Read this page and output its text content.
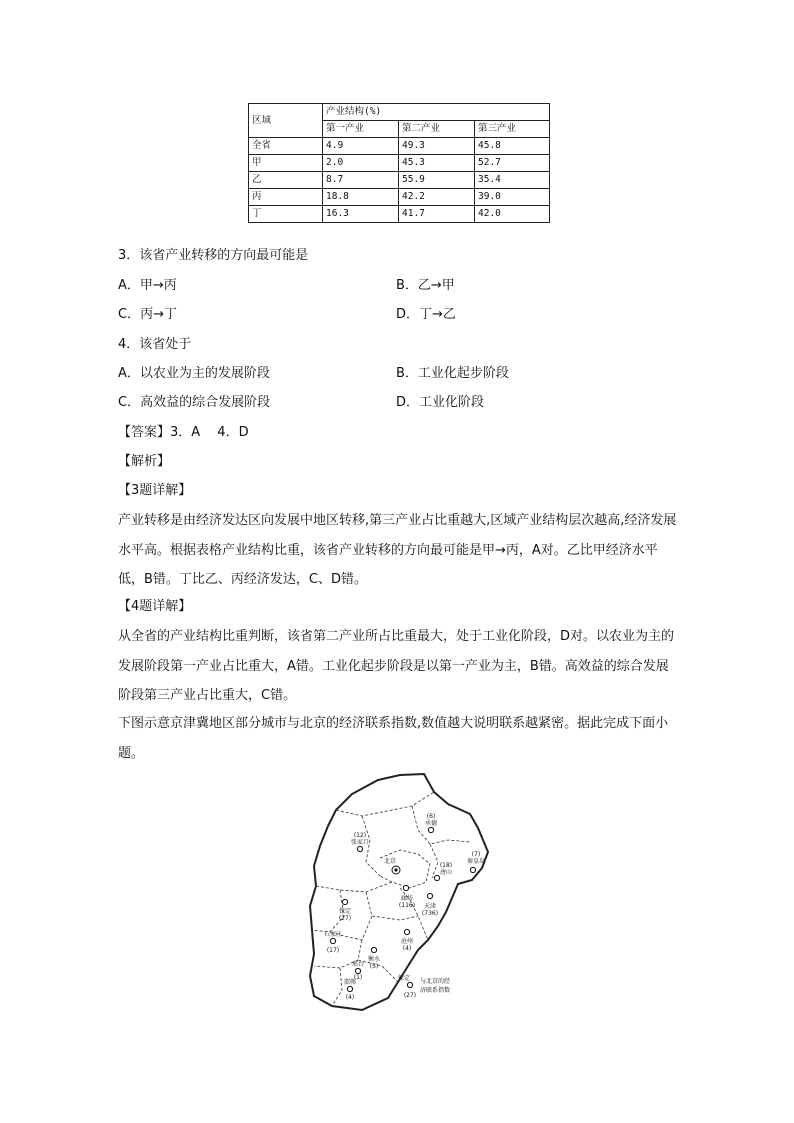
区域	产业结构(%)		
	第一产业	第二产业	第三产业
全省	4.9	49.3	45.8
甲	2.0	45.3	52.7
乙	8.7	55.9	35.4
丙	18.8	42.2	39.0
丁	16.3	41.7	42.0
3．该省产业转移的方向最可能是
A．甲→丙	B．乙→甲
C．丙→丁	D．丁→乙
4．该省处于
A．以农业为主的发展阶段	B．工业化起步阶段
C．高效益的综合发展阶段	D．工业化阶段
【答案】3．A　 4．D
【解析】
【3题详解】
产业转移是由经济发达区向发展中地区转移,第三产业占比重越大,区域产业结构层次越高,经济发展水平高。根据表格产业结构比重，该省产业转移的方向最可能是甲→丙，A对。乙比甲经济水平低，B错。丁比乙、丙经济发达，C、D错。
【4题详解】
从全省的产业结构比重判断，该省第二产业所占比重最大，处于工业化阶段，D对。以农业为主的发展阶段第一产业占比重大，A错。工业化起步阶段是以第一产业为主，B错。高效益的综合发展阶段第三产业占比重大，C错。
下图示意京津冀地区部分城市与北京的经济联系指数,数值越大说明联系越紧密。据此完成下面小题。
(6)
承德
(12)
张家口
北京
(7)
秦皇岛
(18)
唐山
廊坊
(116) 天津
(736)
保定
(27)
沧州
(4)
石家庄
(17)
衡水
(5)
邢台
(1)
邯郸
(4)
保定
(27)
与北京的经
济联系指数
